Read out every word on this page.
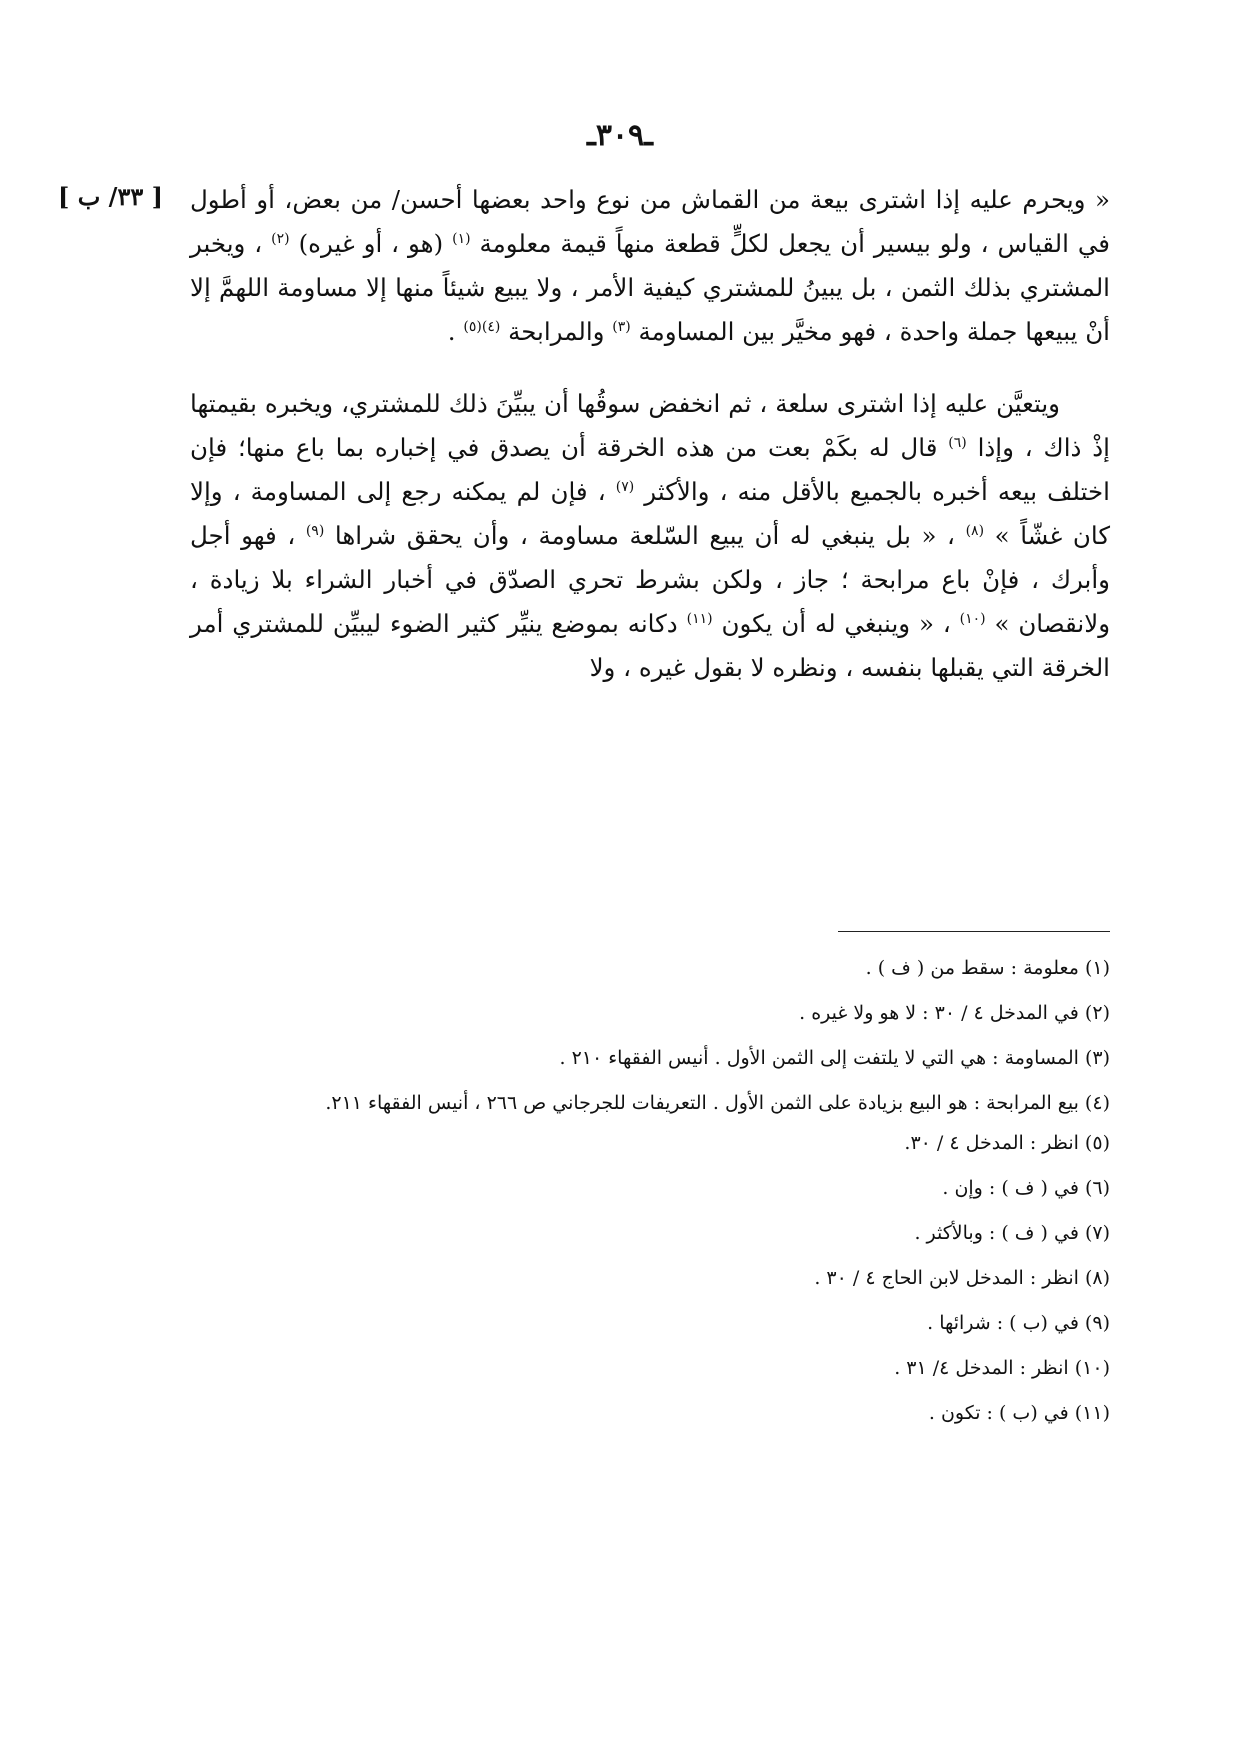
ـ٣٠٩ـ
[ ٣٣/ ب ]	« ويحرم عليه إذا اشترى بيعة من القماش من نوع واحد بعضها أحسن/ من بعض، أو أطول في القياس ، ولو بيسير أن يجعل لكلٍّ قطعة منهاً قيمة معلومة $^{(١)}$ (هو ، أو غيره) $^{(٢)}$ ، ويخبر المشتري بذلك الثمن ، بل يبينُ للمشتري كيفية الأمر ، ولا يبيع شيئاً منها إلا مساومة اللهمَّ إلا أنْ يبيعها جملة واحدة ، فهو مخيَّر بين المساومة $^{(٣)}$ والمرابحة $^{(٤)(٥)}$ .

ويتعيَّن عليه إذا اشترى سلعة ، ثم انخفض سوقُها أن يبيِّنَ ذلك للمشتري، ويخبره بقيمتها إذْ ذاك ، وإذا $^{(٦)}$ قال له بكَمْ بعت من هذه الخرقة أن يصدق في إخباره بما باع منها؛ فإن اختلف بيعه أخبره بالجميع بالأقل منه ، والأكثر $^{(٧)}$ ، فإن لم يمكنه رجع إلى المساومة ، وإلا كان غشّاً » $^{(٨)}$ ، « بل ينبغي له أن يبيع السّلعة مساومة ، وأن يحقق شراها $^{(٩)}$ ، فهو أجل وأبرك ، فإنْ باع مرابحة ؛ جاز ، ولكن بشرط تحري الصدّق في أخبار الشراء بلا زيادة ، ولانقصان » $^{(١٠)}$ ، « وينبغي له أن يكون $^{(١١)}$ دكانه بموضع ينيِّر كثير الضوء ليبيِّن للمشتري أمر الخرقة التي يقبلها بنفسه ، ونظره لا بقول غيره ، ولا

(١) معلومة : سقط من ( ف ) .

(٢) في المدخل ٤ / ٣٠ : لا هو ولا غيره .

(٣) المساومة : هي التي لا يلتفت إلى الثمن الأول . أنيس الفقهاء ٢١٠ .

(٤) بيع المرابحة : هو البيع بزيادة على الثمن الأول . التعريفات للجرجاني ص ٢٦٦ ، أنيس الفقهاء ٢١١.

(٥) انظر : المدخل ٤ / ٣٠.

(٦) في ( ف ) : وإن .

(٧) في ( ف ) : وبالأكثر .

(٨) انظر : المدخل لابن الحاج ٤ / ٣٠ .

(٩) في (ب ) : شرائها .

(١٠) انظر : المدخل ٤/ ٣١ .

(١١) في (ب ) : تكون .
